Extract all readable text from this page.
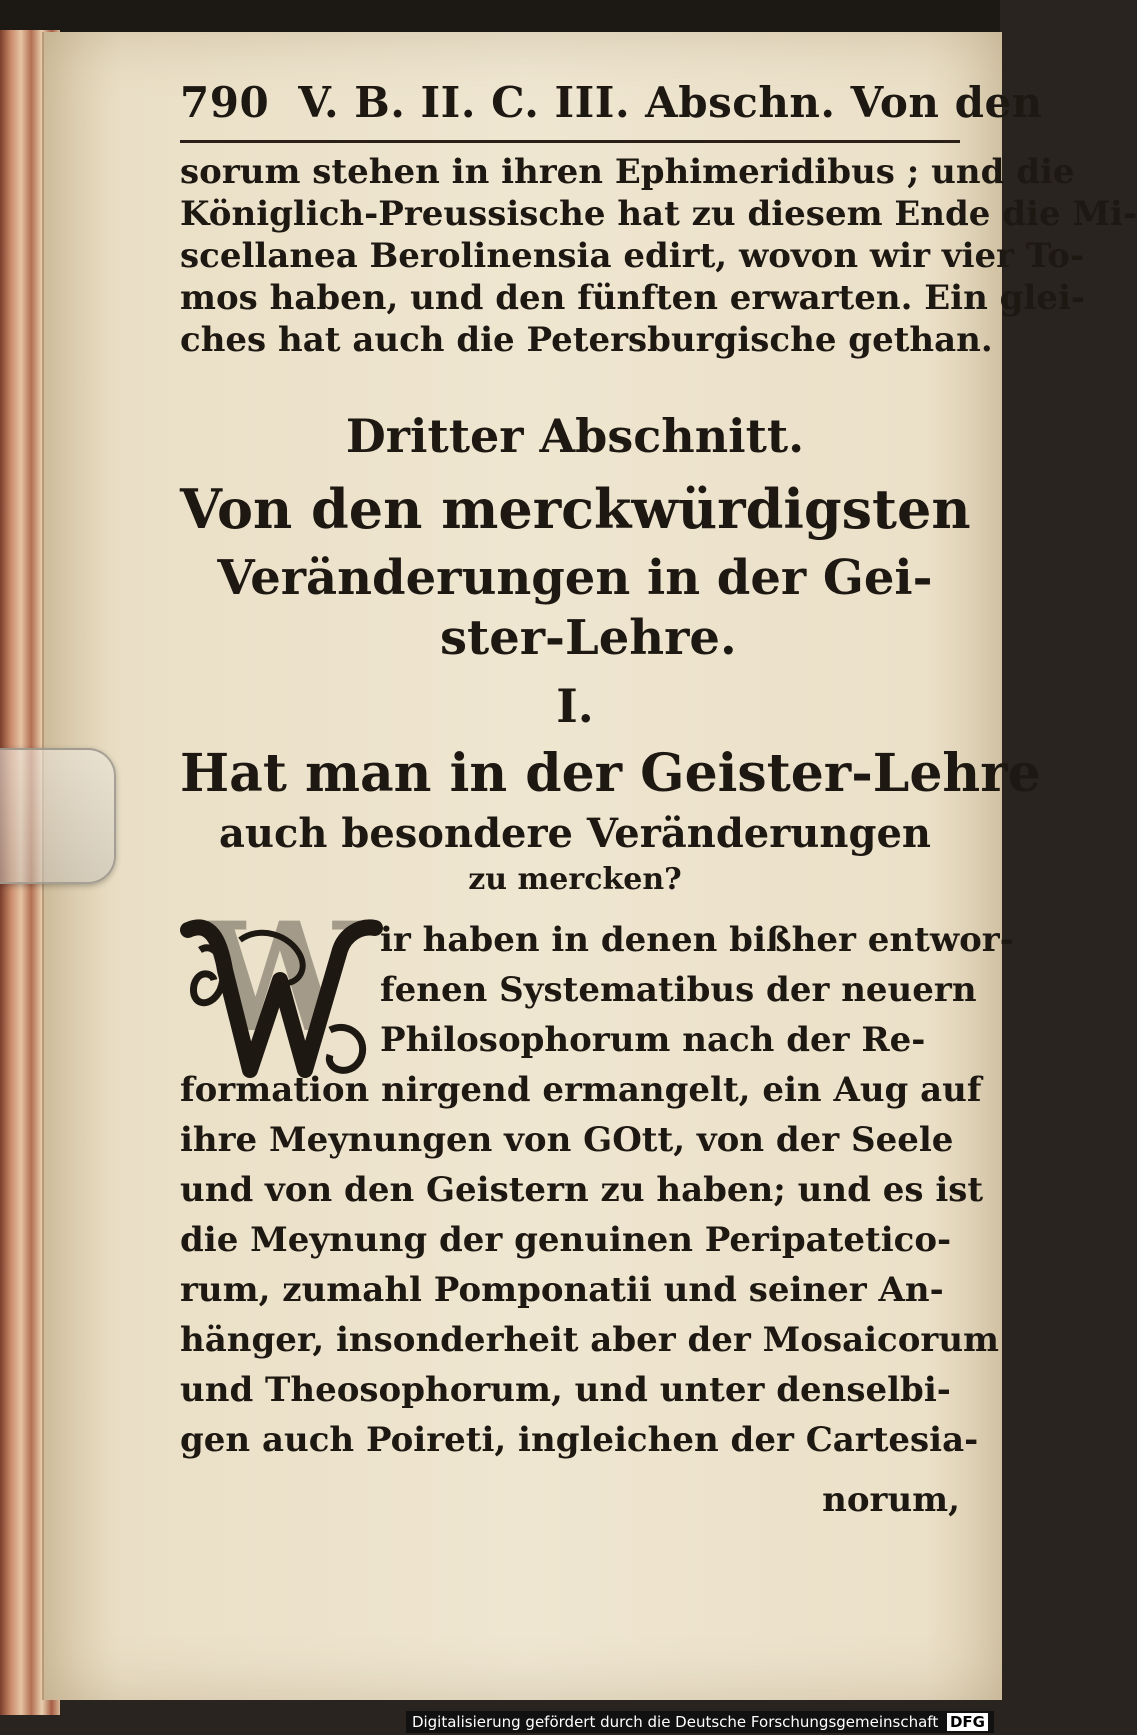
790 V. B. II. C. III. Abschn. Von den
sorum stehen in ihren Ephimeridibus ; und die
Königlich-Preussische hat zu diesem Ende die Mi-
scellanea Berolinensia edirt, wovon wir vier To-
mos haben, und den fünften erwarten. Ein glei-
ches hat auch die Petersburgische gethan.
Dritter Abschnitt.
Von den merckwürdigsten
Veränderungen in der Gei-
ster-Lehre.
I.
Hat man in der Geister-Lehre
auch besondere Veränderungen
zu mercken?
W ir haben in denen bißher entwor-
fenen Systematibus der neuern
Philosophorum nach der Re-
formation nirgend ermangelt, ein Aug auf
ihre Meynungen von GOtt, von der Seele
und von den Geistern zu haben; und es ist
die Meynung der genuinen Peripatetico-
rum, zumahl Pomponatii und seiner An-
hänger, insonderheit aber der Mosaicorum
und Theosophorum, und unter denselbi-
gen auch Poireti, ingleichen der Cartesia-
norum,
Digitalisierung gefördert durch die Deutsche Forschungsgemeinschaft DFG
